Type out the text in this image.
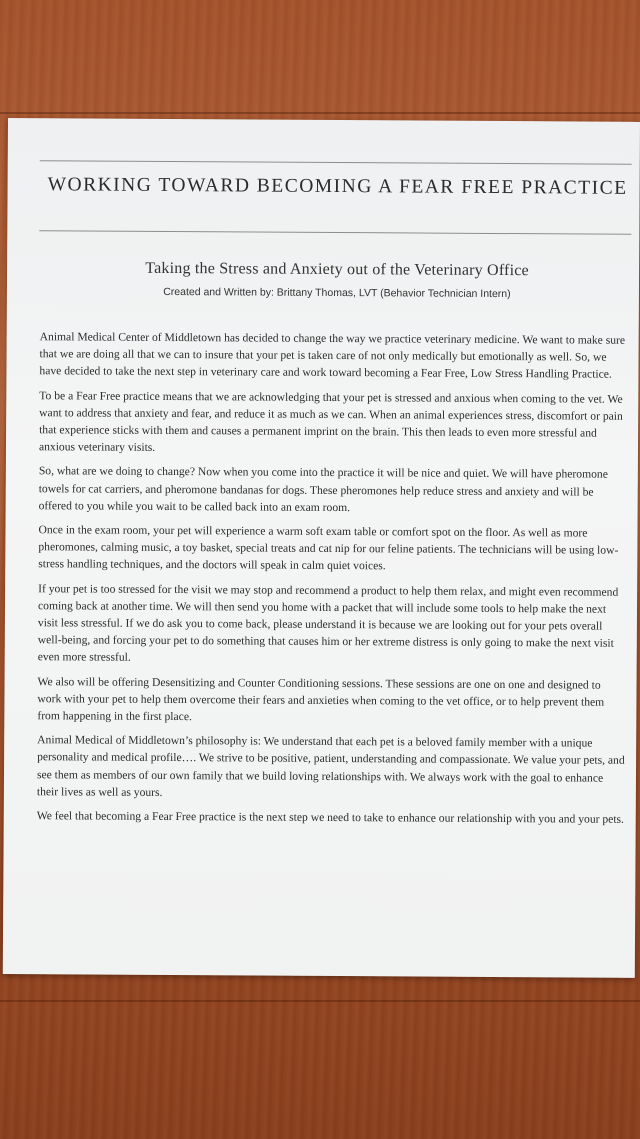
WORKING TOWARD BECOMING A FEAR FREE PRACTICE
Taking the Stress and Anxiety out of the Veterinary Office
Created and Written by: Brittany Thomas, LVT (Behavior Technician Intern)

Animal Medical Center of Middletown has decided to change the way we practice veterinary medicine. We want to make sure that we are doing all that we can to insure that your pet is taken care of not only medically but emotionally as well. So, we have decided to take the next step in veterinary care and work toward becoming a Fear Free, Low Stress Handling Practice.

To be a Fear Free practice means that we are acknowledging that your pet is stressed and anxious when coming to the vet. We want to address that anxiety and fear, and reduce it as much as we can. When an animal experiences stress, discomfort or pain that experience sticks with them and causes a permanent imprint on the brain. This then leads to even more stressful and anxious veterinary visits.

So, what are we doing to change? Now when you come into the practice it will be nice and quiet. We will have pheromone towels for cat carriers, and pheromone bandanas for dogs. These pheromones help reduce stress and anxiety and will be offered to you while you wait to be called back into an exam room.

Once in the exam room, your pet will experience a warm soft exam table or comfort spot on the floor. As well as more pheromones, calming music, a toy basket, special treats and cat nip for our feline patients. The technicians will be using low-stress handling techniques, and the doctors will speak in calm quiet voices.

If your pet is too stressed for the visit we may stop and recommend a product to help them relax, and might even recommend coming back at another time. We will then send you home with a packet that will include some tools to help make the next visit less stressful. If we do ask you to come back, please understand it is because we are looking out for your pets overall well-being, and forcing your pet to do something that causes him or her extreme distress is only going to make the next visit even more stressful.

We also will be offering Desensitizing and Counter Conditioning sessions. These sessions are one on one and designed to work with your pet to help them overcome their fears and anxieties when coming to the vet office, or to help prevent them from happening in the first place.

Animal Medical of Middletown’s philosophy is: We understand that each pet is a beloved family member with a unique personality and medical profile…. We strive to be positive, patient, understanding and compassionate. We value your pets, and see them as members of our own family that we build loving relationships with. We always work with the goal to enhance their lives as well as yours.

We feel that becoming a Fear Free practice is the next step we need to take to enhance our relationship with you and your pets.
